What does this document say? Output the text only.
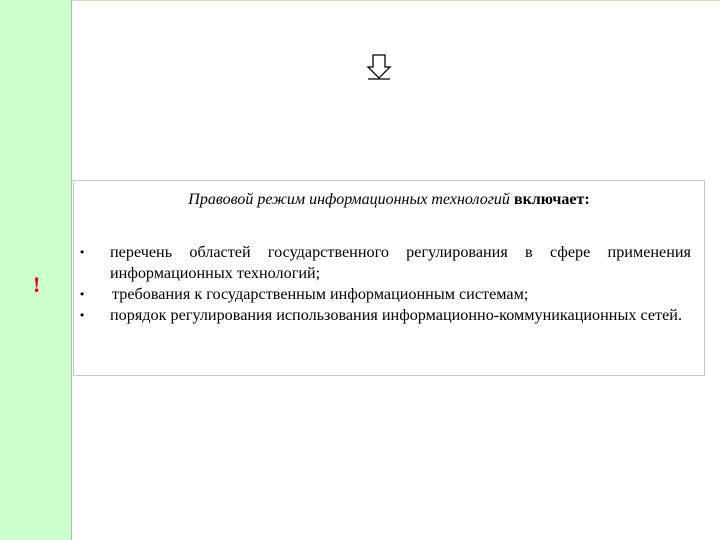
!
Правовой режим информационных технологий включает:
• перечень областей государственного регулирования в сфере применения информационных технологий;
• требования к государственным информационным системам;
• порядок регулирования использования информационно-коммуникационных сетей.
